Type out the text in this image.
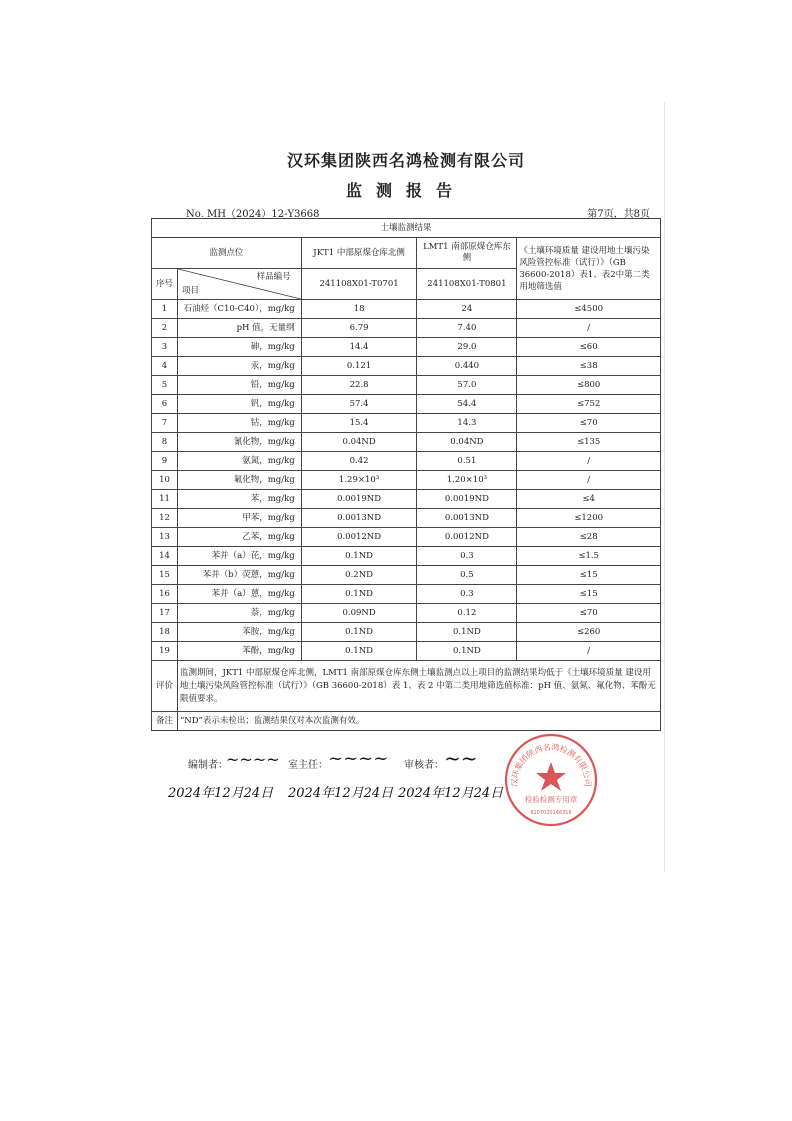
汉环集团陕西名鸿检测有限公司
监测报告
No. MH（2024）12-Y3668	第7页，共8页
土壤监测结果				
监测点位		JKT1 中部原煤仓库北侧	LMT1 南部原煤仓库东侧	《土壤环境质量 建设用地土壤污染风险管控标准（试行）》（GB 36600-2018）表1、表2中第二类用地筛选值
序号	样品编号
项目	241108X01-T0701	241108X01-T0801	
1	石油烃（C10-C40），mg/kg	18	24	≤4500
2	pH 值，无量纲	6.79	7.40	/
3	砷，mg/kg	14.4	29.0	≤60
4	汞，mg/kg	0.121	0.440	≤38
5	铅，mg/kg	22.8	57.0	≤800
6	钒，mg/kg	57.4	54.4	≤752
7	钴，mg/kg	15.4	14.3	≤70
8	氰化物，mg/kg	0.04ND	0.04ND	≤135
9	氨氮，mg/kg	0.42	0.51	/
10	氟化物，mg/kg	1.29×10³	1.20×10³	/
11	苯，mg/kg	0.0019ND	0.0019ND	≤4
12	甲苯，mg/kg	0.0013ND	0.0013ND	≤1200
13	乙苯，mg/kg	0.0012ND	0.0012ND	≤28
14	苯并（a）芘，mg/kg	0.1ND	0.3	≤1.5
15	苯并（b）荧蒽，mg/kg	0.2ND	0.5	≤15
16	苯并（a）蒽，mg/kg	0.1ND	0.3	≤15
17	萘，mg/kg	0.09ND	0.12	≤70
18	苯胺，mg/kg	0.1ND	0.1ND	≤260
19	苯酚，mg/kg	0.1ND	0.1ND	/
评价	监测期间，JKT1 中部原煤仓库北侧，LMT1 南部原煤仓库东侧土壤监测点以上项目的监测结果均低于《土壤环境质量 建设用地土壤污染风险管控标准（试行）》（GB 36600-2018）表 1、表 2 中第二类用地筛选值标准：pH 值、氨氮、氟化物、苯酚无限值要求。			
备注	“ND”表示未检出；监测结果仅对本次监测有效。			
编制者：
~~~~ 室主任： ~~~~ 审核者： ~~
2024年12月24日 2024年12月24日 2024年12月24日
汉环集团陕西名鸿检测有限公司
检验检测专用章
6107020146316
